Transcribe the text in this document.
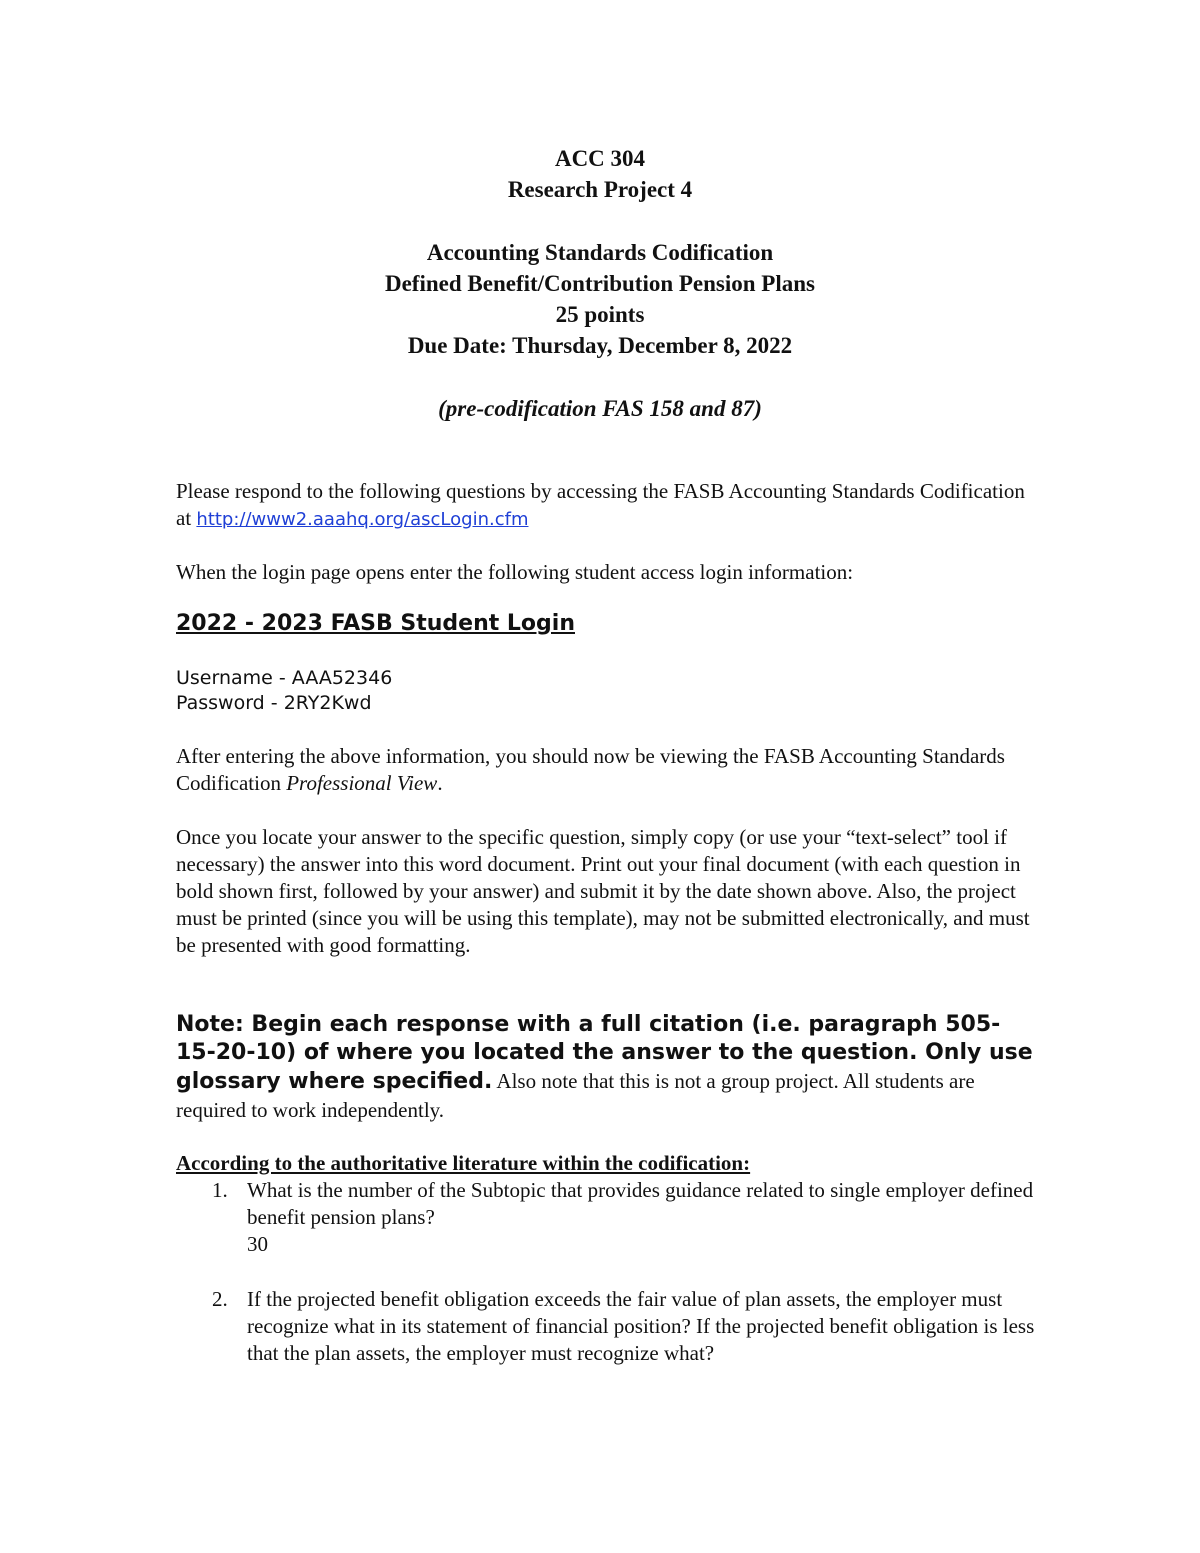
ACC 304
Research Project 4
Accounting Standards Codification
Defined Benefit/Contribution Pension Plans
25 points
Due Date: Thursday, December 8, 2022
(pre-codification FAS 158 and 87)

Please respond to the following questions by accessing the FASB Accounting Standards Codification at http://www2.aaahq.org/ascLogin.cfm

When the login page opens enter the following student access login information:

2022 - 2023 FASB Student Login
Username - AAA52346
Password - 2RY2Kwd

After entering the above information, you should now be viewing the FASB Accounting Standards Codification Professional View.

Once you locate your answer to the specific question, simply copy (or use your “text-select” tool if necessary) the answer into this word document. Print out your final document (with each question in bold shown first, followed by your answer) and submit it by the date shown above. Also, the project must be printed (since you will be using this template), may not be submitted electronically, and must be presented with good formatting.

Note: Begin each response with a full citation (i.e. paragraph 505-15-20-10) of where you located the answer to the question. Only use glossary where specified. Also note that this is not a group project. All students are required to work independently.

According to the authoritative literature within the codification:

1. What is the number of the Subtopic that provides guidance related to single employer defined benefit pension plans?
30
2. If the projected benefit obligation exceeds the fair value of plan assets, the employer must recognize what in its statement of financial position? If the projected benefit obligation is less that the plan assets, the employer must recognize what?
